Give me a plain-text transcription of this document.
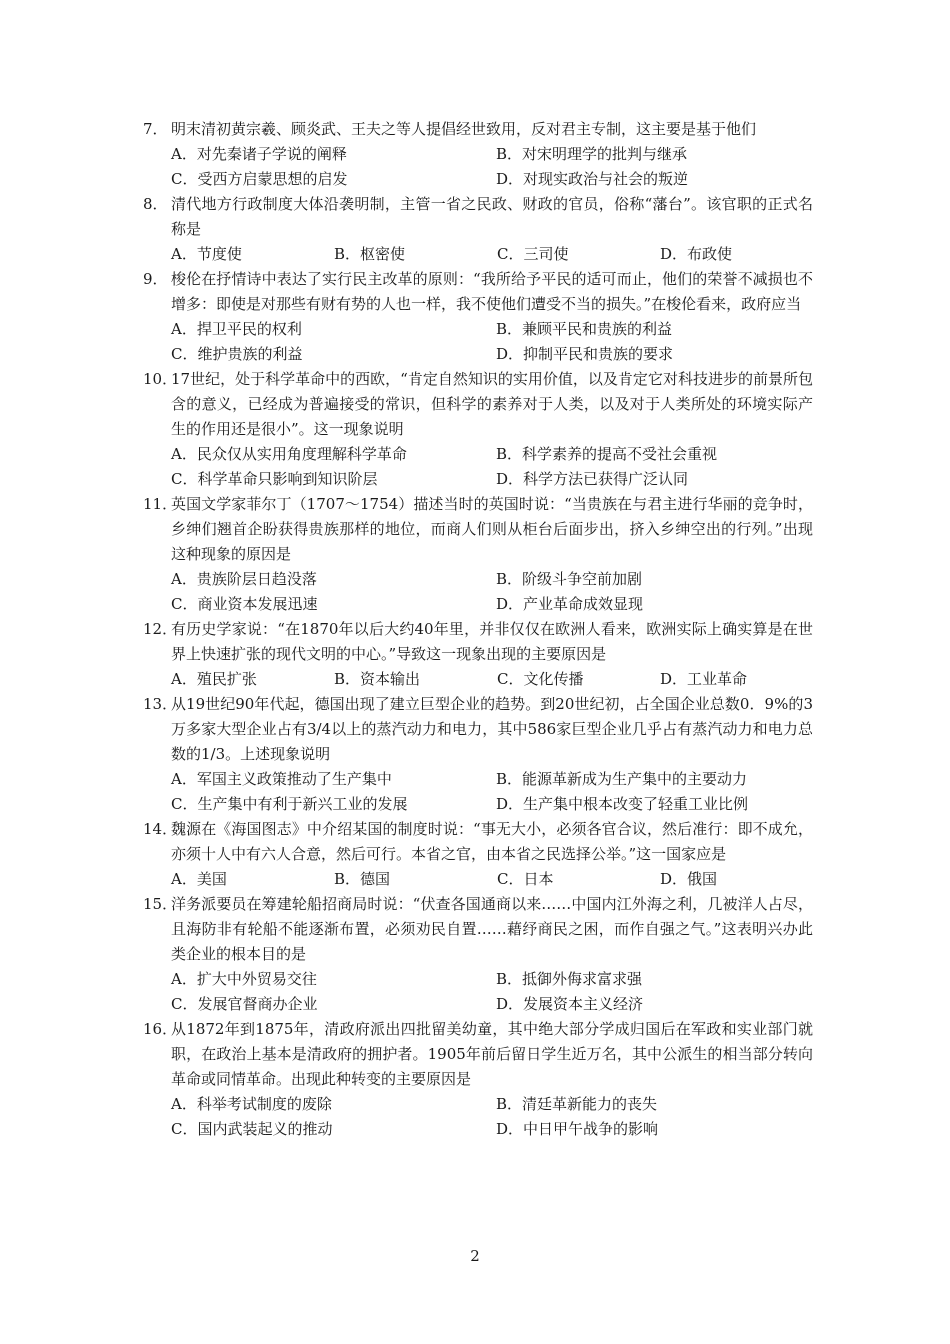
7． 明末清初黄宗羲、顾炎武、王夫之等人提倡经世致用，反对君主专制，这主要是基于他们
A．对先秦诸子学说的阐释	B．对宋明理学的批判与继承
C．受西方启蒙思想的启发	D．对现实政治与社会的叛逆
8． 清代地方行政制度大体沿袭明制，主管一省之民政、财政的官员，俗称“藩台”。该官职的正式名称是
A．节度使	B．枢密使	C．三司使	D．布政使
9． 梭伦在抒情诗中表达了实行民主改革的原则：“我所给予平民的适可而止，他们的荣誉不减损也不增多：即使是对那些有财有势的人也一样，我不使他们遭受不当的损失。”在梭伦看来，政府应当
A．捍卫平民的权利	B．兼顾平民和贵族的利益
C．维护贵族的利益	D．抑制平民和贵族的要求
10．
17世纪，处于科学革命中的西欧，“肯定自然知识的实用价值，以及肯定它对科技进步的前景所包含的意义，已经成为普遍接受的常识，但科学的素养对于人类，以及对于人类所处的环境实际产生的作用还是很小”。这一现象说明
A．民众仅从实用角度理解科学革命	B．科学素养的提高不受社会重视
C．科学革命只影响到知识阶层	D．科学方法已获得广泛认同
11．
英国文学家菲尔丁（1707～1754）描述当时的英国时说：“当贵族在与君主进行华丽的竞争时，乡绅们翘首企盼获得贵族那样的地位，而商人们则从柜台后面步出，挤入乡绅空出的行列。”出现这种现象的原因是
A．贵族阶层日趋没落	B．阶级斗争空前加剧
C．商业资本发展迅速	D．产业革命成效显现
12．
有历史学家说：“在1870年以后大约40年里，并非仅仅在欧洲人看来，欧洲实际上确实算是在世界上快速扩张的现代文明的中心。”导致这一现象出现的主要原因是
A．殖民扩张	B．资本输出	C．文化传播	D．工业革命
13．
从19世纪90年代起，德国出现了建立巨型企业的趋势。到20世纪初，占全国企业总数0．9%的3万多家大型企业占有3/4以上的蒸汽动力和电力，其中586家巨型企业几乎占有蒸汽动力和电力总数的1/3。上述现象说明
A．军国主义政策推动了生产集中	B．能源革新成为生产集中的主要动力
C．生产集中有利于新兴工业的发展	D．生产集中根本改变了轻重工业比例
14．
魏源在《海国图志》中介绍某国的制度时说：“事无大小，必须各官合议，然后准行：即不成允，亦须十人中有六人合意，然后可行。本省之官，由本省之民选择公举。”这一国家应是
A．美国	B．德国	C．日本	D．俄国
15．
洋务派要员在筹建轮船招商局时说：“伏查各国通商以来……中国内江外海之利，几被洋人占尽，且海防非有轮船不能逐渐布置，必须劝民自置……藉纾商民之困，而作自强之气。”这表明兴办此类企业的根本目的是
A．扩大中外贸易交往	B．抵御外侮求富求强
C．发展官督商办企业	D．发展资本主义经济
16．
从1872年到1875年，清政府派出四批留美幼童，其中绝大部分学成归国后在军政和实业部门就职，在政治上基本是清政府的拥护者。1905年前后留日学生近万名，其中公派生的相当部分转向革命或同情革命。出现此种转变的主要原因是
A．科举考试制度的废除	B．清廷革新能力的丧失
C．国内武装起义的推动	D．中日甲午战争的影响
2
